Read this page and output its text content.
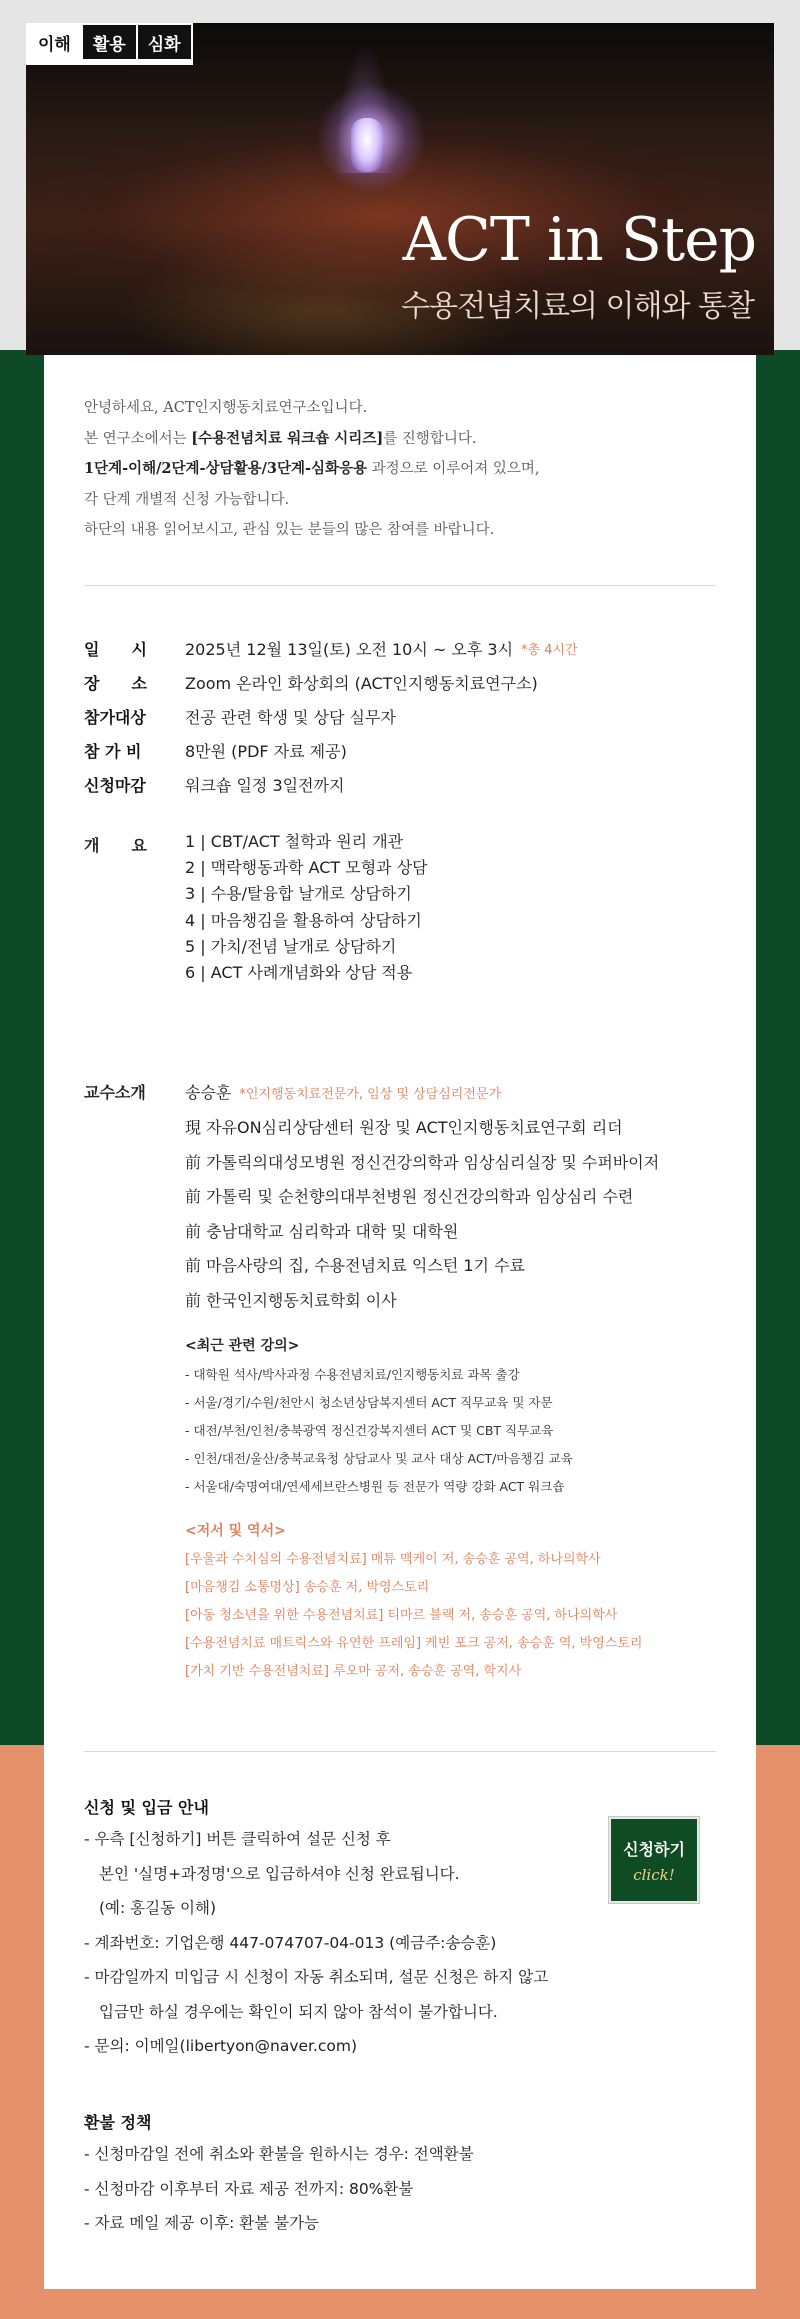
이해	활용	심화
ACT in Step
수용전념치료의 이해와 통찰

안녕하세요, ACT인지행동치료연구소입니다.

본 연구소에서는 [수용전념치료 워크숍 시리즈]를 진행합니다.

1단계-이해/2단계-상담활용/3단계-심화응용 과정으로 이루어져 있으며,

각 단계 개별적 신청 가능합니다.

하단의 내용 읽어보시고, 관심 있는 분들의 많은 참여를 바랍니다.

일　　시	2025년 12월 13일(토) 오전 10시 ~ 오후 3시 *총 4시간
장　　소	Zoom 온라인 화상회의 (ACT인지행동치료연구소)
참가대상	전공 관련 학생 및 상담 실무자
참 가 비	8만원 (PDF 자료 제공)
신청마감	워크숍 일정 3일전까지
개　　요	1 | CBT/ACT 철학과 원리 개관
2 | 맥락행동과학 ACT 모형과 상담
3 | 수용/탈융합 날개로 상담하기
4 | 마음챙김을 활용하여 상담하기
5 | 가치/전념 날개로 상담하기
6 | ACT 사례개념화와 상담 적용
교수소개 송승훈 *인지행동치료전문가, 임상 및 상담심리전문가
現 자유ON심리상담센터 원장 및 ACT인지행동치료연구회 리더
前 가톨릭의대성모병원 정신건강의학과 임상심리실장 및 수퍼바이저
前 가톨릭 및 순천향의대부천병원 정신건강의학과 임상심리 수련
前 충남대학교 심리학과 대학 및 대학원
前 마음사랑의 집, 수용전념치료 익스턴 1기 수료
前 한국인지행동치료학회 이사
<최근 관련 강의>
- 대학원 석사/박사과정 수용전념치료/인지행동치료 과목 출강
- 서울/경기/수원/천안시 청소년상담복지센터 ACT 직무교육 및 자문
- 대전/부천/인천/충북광역 정신건강복지센터 ACT 및 CBT 직무교육
- 인천/대전/울산/충북교육청 상담교사 및 교사 대상 ACT/마음챙김 교육
- 서울대/숙명여대/연세세브란스병원 등 전문가 역량 강화 ACT 워크숍
<저서 및 역서>
[우울과 수치심의 수용전념치료] 매튜 맥케이 저, 송승훈 공역, 하나의학사
[마음챙김 소통명상] 송승훈 저, 박영스토리
[아동 청소년을 위한 수용전념치료] 티마르 블랙 저, 송승훈 공역, 하나의학사
[수용전념치료 매트릭스와 유연한 프레임] 케빈 포크 공저, 송승훈 역, 박영스토리
[가치 기반 수용전념치료] 루오마 공저, 송승훈 공역, 학지사
신청 및 입금 안내
- 우측 [신청하기] 버튼 클릭하여 설문 신청 후
본인 '실명+과정명'으로 입금하셔야 신청 완료됩니다.
(예: 홍길동 이해)
- 계좌번호: 기업은행 447-074707-04-013 (예금주:송승훈)
- 마감일까지 미입금 시 신청이 자동 취소되며, 설문 신청은 하지 않고
입금만 하실 경우에는 확인이 되지 않아 참석이 불가합니다.
- 문의: 이메일(libertyon@naver.com)
신청하기
click!
환불 정책
- 신청마감일 전에 취소와 환불을 원하시는 경우: 전액환불
- 신청마감 이후부터 자료 제공 전까지: 80%환불
- 자료 메일 제공 이후: 환불 불가능
